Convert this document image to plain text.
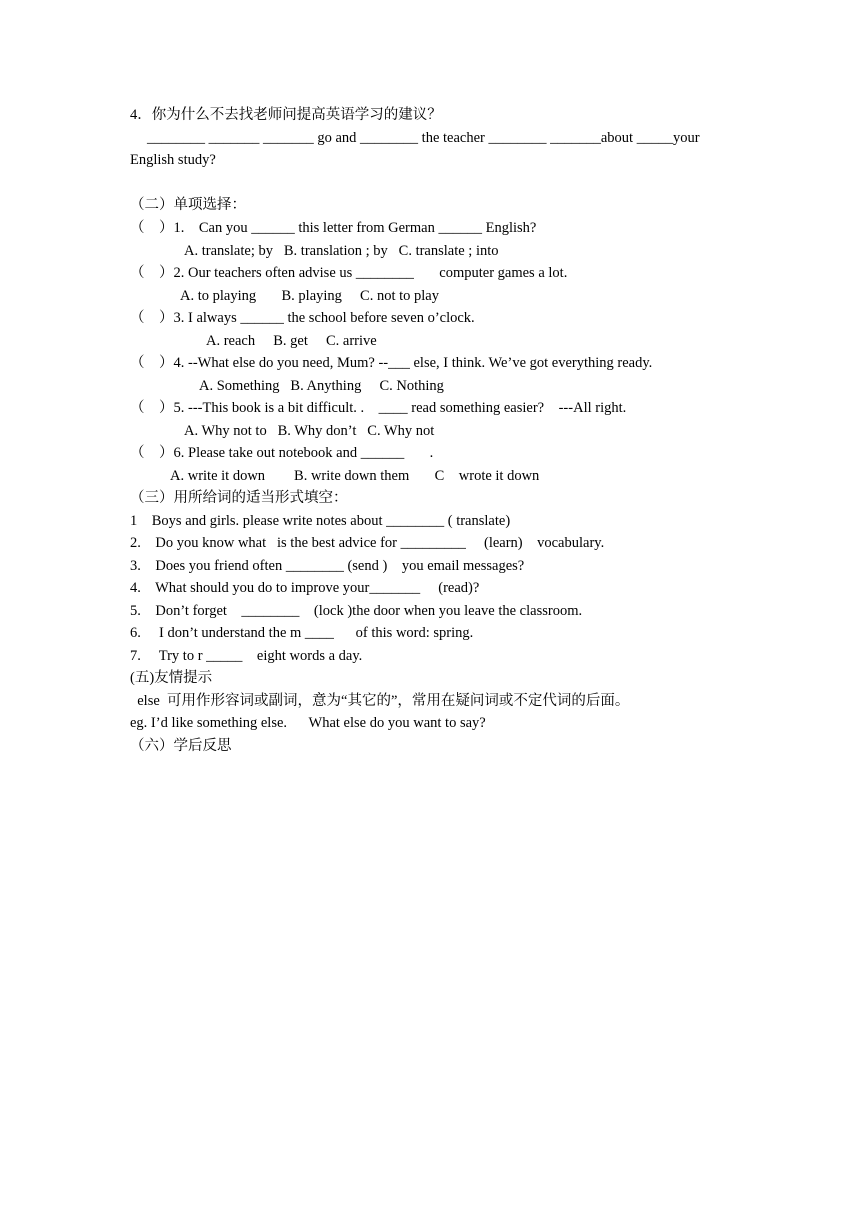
4．你为什么不去找老师问提高英语学习的建议？

________ _______ _______ go and ________ the teacher ________ _______about _____your

English study?

（二）单项选择：

（    ）1.    Can you ______ this letter from German ______ English?

A. translate; by   B. translation ; by   C. translate ; into

（    ）2. Our teachers often advise us ________       computer games a lot.

A. to playing       B. playing     C. not to play

（    ）3. I always ______ the school before seven o’clock.

A. reach     B. get     C. arrive

（    ）4. --What else do you need, Mum? --___ else, I think. We’ve got everything ready.

A. Something   B. Anything     C. Nothing

（    ）5. ---This book is a bit difficult. .    ____ read something easier?    ---All right.

A. Why not to   B. Why don’t   C. Why not

（    ）6. Please take out notebook and ______       .

A. write it down        B. write down them       C    wrote it down

（三）用所给词的适当形式填空：

1    Boys and girls. please write notes about ________ ( translate)

2.    Do you know what   is the best advice for _________     (learn)    vocabulary.

3.    Does you friend often ________ (send )    you email messages?

4.    What should you do to improve your_______     (read)?

5.    Don’t forget    ________    (lock )the door when you leave the classroom.

6.     I don’t understand the m ____      of this word: spring.

7.     Try to r _____    eight words a day.

(五)友情提示

else  可用作形容词或副词，意为“其它的”，常用在疑问词或不定代词的后面。

eg. I’d like something else.      What else do you want to say?

（六）学后反思
